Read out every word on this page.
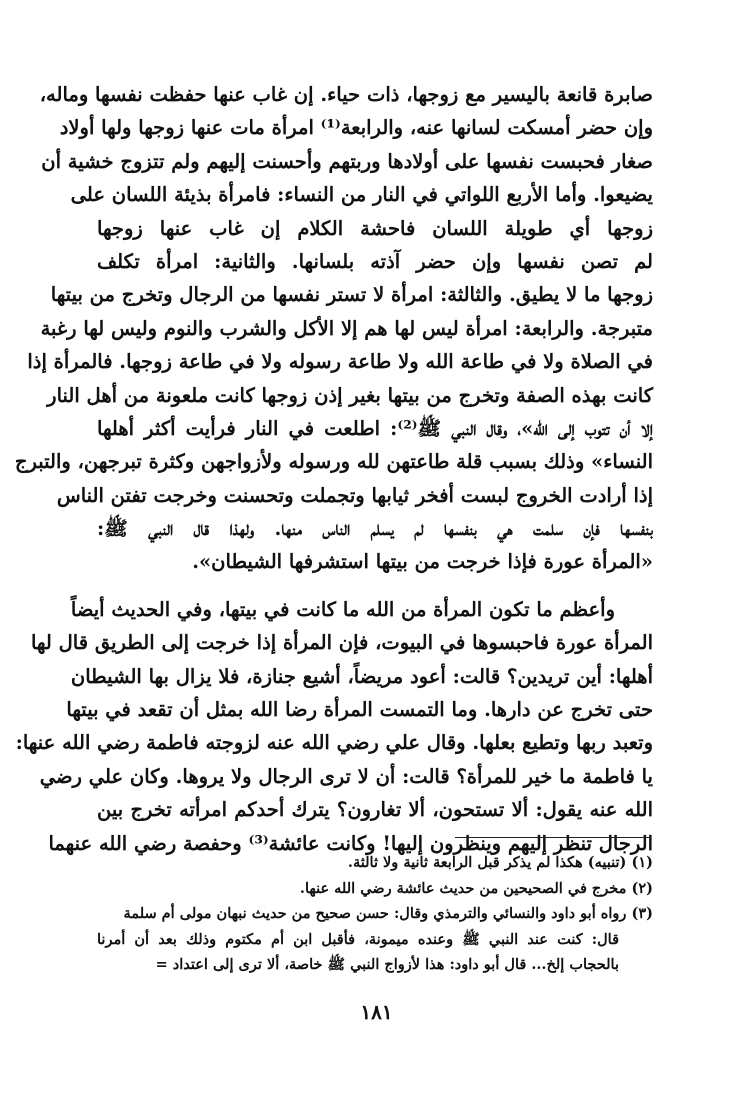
صابرة قانعة باليسير مع زوجها، ذات حياء. إن غاب عنها حفظت نفسها وماله،
وإن حضر أمسكت لسانها عنه، والرابعة⁽¹⁾ امرأة مات عنها زوجها ولها أولاد
صغار فحبست نفسها على أولادها وربتهم وأحسنت إليهم ولم تتزوج خشية أن
يضيعوا. وأما الأربع اللواتي في النار من النساء: فامرأة بذيئة اللسان على
زوجها أي طويلة اللسان فاحشة الكلام إن غاب عنها زوجها
لم تصن نفسها وإن حضر آذته بلسانها. والثانية: امرأة تكلف
زوجها ما لا يطيق. والثالثة: امرأة لا تستر نفسها من الرجال وتخرج من بيتها
متبرجة. والرابعة: امرأة ليس لها هم إلا الأكل والشرب والنوم وليس لها رغبة
في الصلاة ولا في طاعة الله ولا طاعة رسوله ولا في طاعة زوجها. فالمرأة إذا
كانت بهذه الصفة وتخرج من بيتها بغير إذن زوجها كانت ملعونة من أهل النار
إلا أن تتوب إلى الله»، وقال النبي ﷺ⁽²⁾: اطلعت في النار فرأيت أكثر أهلها
النساء» وذلك بسبب قلة طاعتهن لله ورسوله ولأزواجهن وكثرة تبرجهن، والتبرج
إذا أرادت الخروج لبست أفخر ثيابها وتجملت وتحسنت وخرجت تفتن الناس
بنفسها فإن سلمت هي بنفسها لم يسلم الناس منها. ولهذا قال النبي ﷺ:
«المرأة عورة فإذا خرجت من بيتها استشرفها الشيطان».
وأعظم ما تكون المرأة من الله ما كانت في بيتها، وفي الحديث أيضاً
المرأة عورة فاحبسوها في البيوت، فإن المرأة إذا خرجت إلى الطريق قال لها
أهلها: أين تريدين؟ قالت: أعود مريضاً، أشيع جنازة، فلا يزال بها الشيطان
حتى تخرج عن دارها. وما التمست المرأة رضا الله بمثل أن تقعد في بيتها
وتعبد ربها وتطيع بعلها. وقال علي رضي الله عنه لزوجته فاطمة رضي الله عنها:
يا فاطمة ما خير للمرأة؟ قالت: أن لا ترى الرجال ولا يروها. وكان علي رضي
الله عنه يقول: ألا تستحون، ألا تغارون؟ يترك أحدكم امرأته تخرج بين
الرجال تنظر إليهم وينظرون إليها! وكانت عائشة⁽³⁾ وحفصة رضي الله عنهما
(١) (تنبيه) هكذا لم يذكر قبل الرابعة ثانية ولا ثالثة.
(٢) مخرج في الصحيحين من حديث عائشة رضي الله عنها.
(٣) رواه أبو داود والنسائي والترمذي وقال: حسن صحيح من حديث نبهان مولى أم سلمة
قال: كنت عند النبي ﷺ وعنده ميمونة، فأقبل ابن أم مكتوم وذلك بعد أن أمرنا
بالحجاب إلخ... قال أبو داود: هذا لأزواج النبي ﷺ خاصة، ألا ترى إلى اعتداد =
١٨١
